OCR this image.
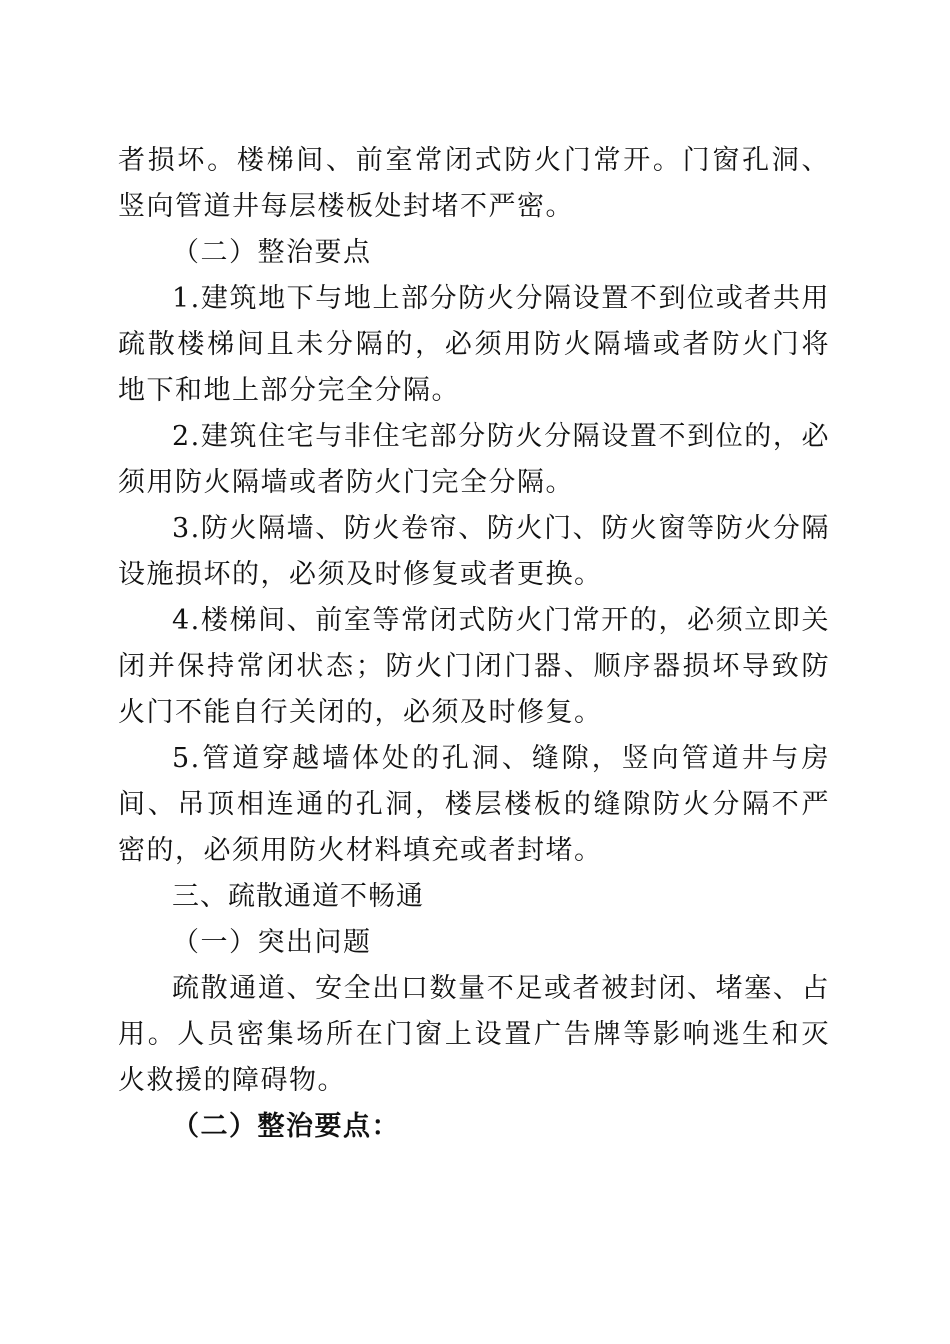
者损坏。楼梯间、前室常闭式防火门常开。门窗孔洞、竖向管道井每层楼板处封堵不严密。

（二）整治要点

1.建筑地下与地上部分防火分隔设置不到位或者共用疏散楼梯间且未分隔的，必须用防火隔墙或者防火门将地下和地上部分完全分隔。

2.建筑住宅与非住宅部分防火分隔设置不到位的，必须用防火隔墙或者防火门完全分隔。

3.防火隔墙、防火卷帘、防火门、防火窗等防火分隔设施损坏的，必须及时修复或者更换。

4.楼梯间、前室等常闭式防火门常开的，必须立即关闭并保持常闭状态；防火门闭门器、顺序器损坏导致防火门不能自行关闭的，必须及时修复。

5.管道穿越墙体处的孔洞、缝隙，竖向管道井与房间、吊顶相连通的孔洞，楼层楼板的缝隙防火分隔不严密的，必须用防火材料填充或者封堵。

三、疏散通道不畅通

（一）突出问题

疏散通道、安全出口数量不足或者被封闭、堵塞、占用。人员密集场所在门窗上设置广告牌等影响逃生和灭火救援的障碍物。

（二）整治要点：
